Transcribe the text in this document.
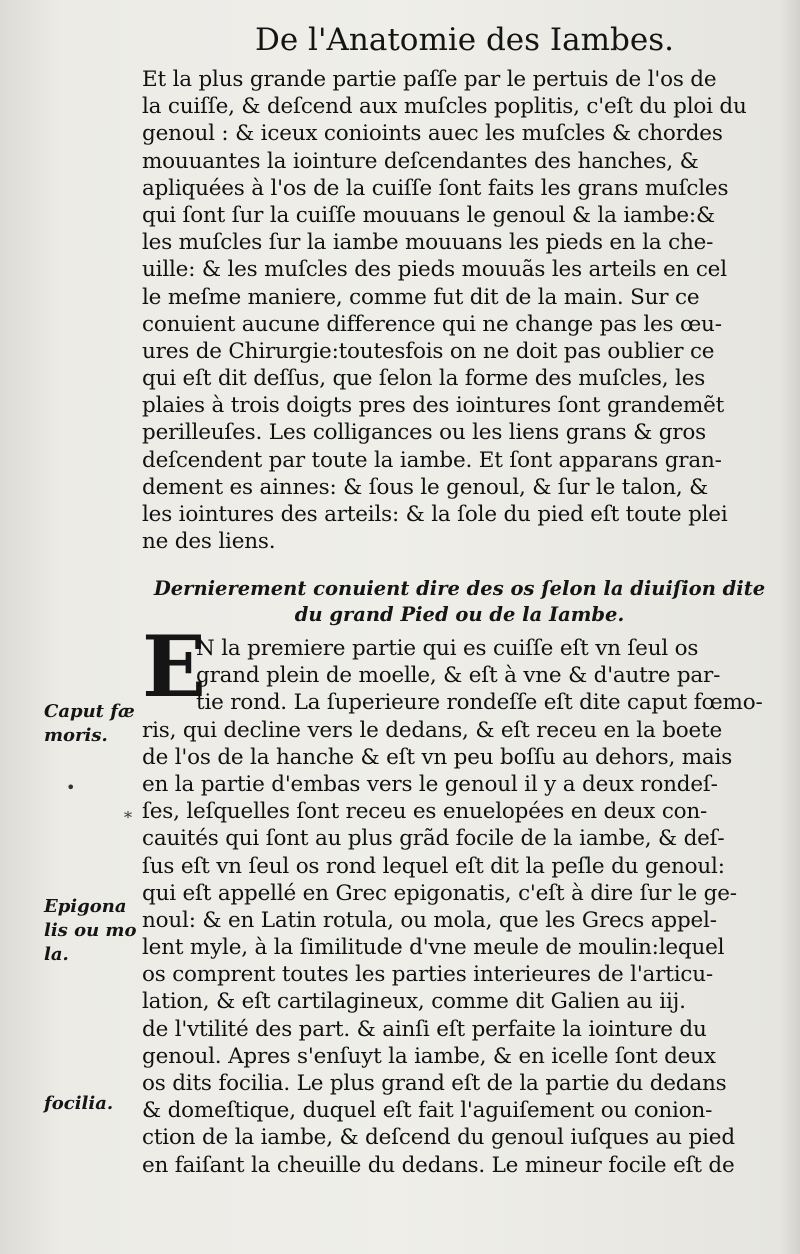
De l'Anatomie des Iambes.
Et la plus grande partie paſſe par le pertuis de l'os de
la cuiſſe, & deſcend aux muſcles poplitis, c'eſt du ploi du
genoul : & iceux conioints auec les muſcles & chordes
mouuantes la iointure deſcendantes des hanches, &
apliquées à l'os de la cuiſſe ſont faits les grans muſcles
qui ſont ſur la cuiſſe mouuans le genoul & la iambe:&
les muſcles ſur la iambe mouuans les pieds en la che-
uille: & les muſcles des pieds mouuãs les arteils en cel
le meſme maniere, comme fut dit de la main. Sur ce
conuient aucune difference qui ne change pas les œu-
ures de Chirurgie:toutesfois on ne doit pas oublier ce
qui eſt dit deſſus, que ſelon la forme des muſcles, les
plaies à trois doigts pres des iointures ſont grandemẽt
perilleuſes. Les colligances ou les liens grans & gros
deſcendent par toute la iambe. Et ſont apparans gran-
dement es ainnes: & ſous le genoul, & ſur le talon, &
les iointures des arteils: & la ſole du pied eſt toute plei
ne des liens.
Dernierement conuient dire des os ſelon la diuiſion dite
du grand Pied ou de la Iambe.
E
N la premiere partie qui es cuiſſe eſt vn ſeul os
grand plein de moelle, & eſt à vne & d'autre par-
tie rond. La ſuperieure rondeſſe eſt dite caput fœmo-
ris, qui decline vers le dedans, & eſt receu en la boete
de l'os de la hanche & eſt vn peu boſſu au dehors, mais
en la partie d'embas vers le genoul il y a deux rondeſ-
ſes, leſquelles ſont receu es enuelopées en deux con-
cauités qui ſont au plus grãd focile de la iambe, & deſ-
ſus eſt vn ſeul os rond lequel eſt dit la peſle du genoul:
qui eſt appellé en Grec epigonatis, c'eſt à dire ſur le ge-
noul: & en Latin rotula, ou mola, que les Grecs appel-
lent myle, à la ſimilitude d'vne meule de moulin:lequel
os comprent toutes les parties interieures de l'articu-
lation, & eſt cartilagineux, comme dit Galien au iij.
de l'vtilité des part. & ainſi eſt perfaite la iointure du
genoul. Apres s'enſuyt la iambe, & en icelle ſont deux
os dits focilia. Le plus grand eſt de la partie du dedans
& domeſtique, duquel eſt fait l'aguiſement ou conion-
ction de la iambe, & deſcend du genoul iuſques au pied
en faiſant la cheuille du dedans. Le mineur focile eſt de
Caput fæ
moris.
•
*
Epigona
lis ou mo
la.
focilia.
